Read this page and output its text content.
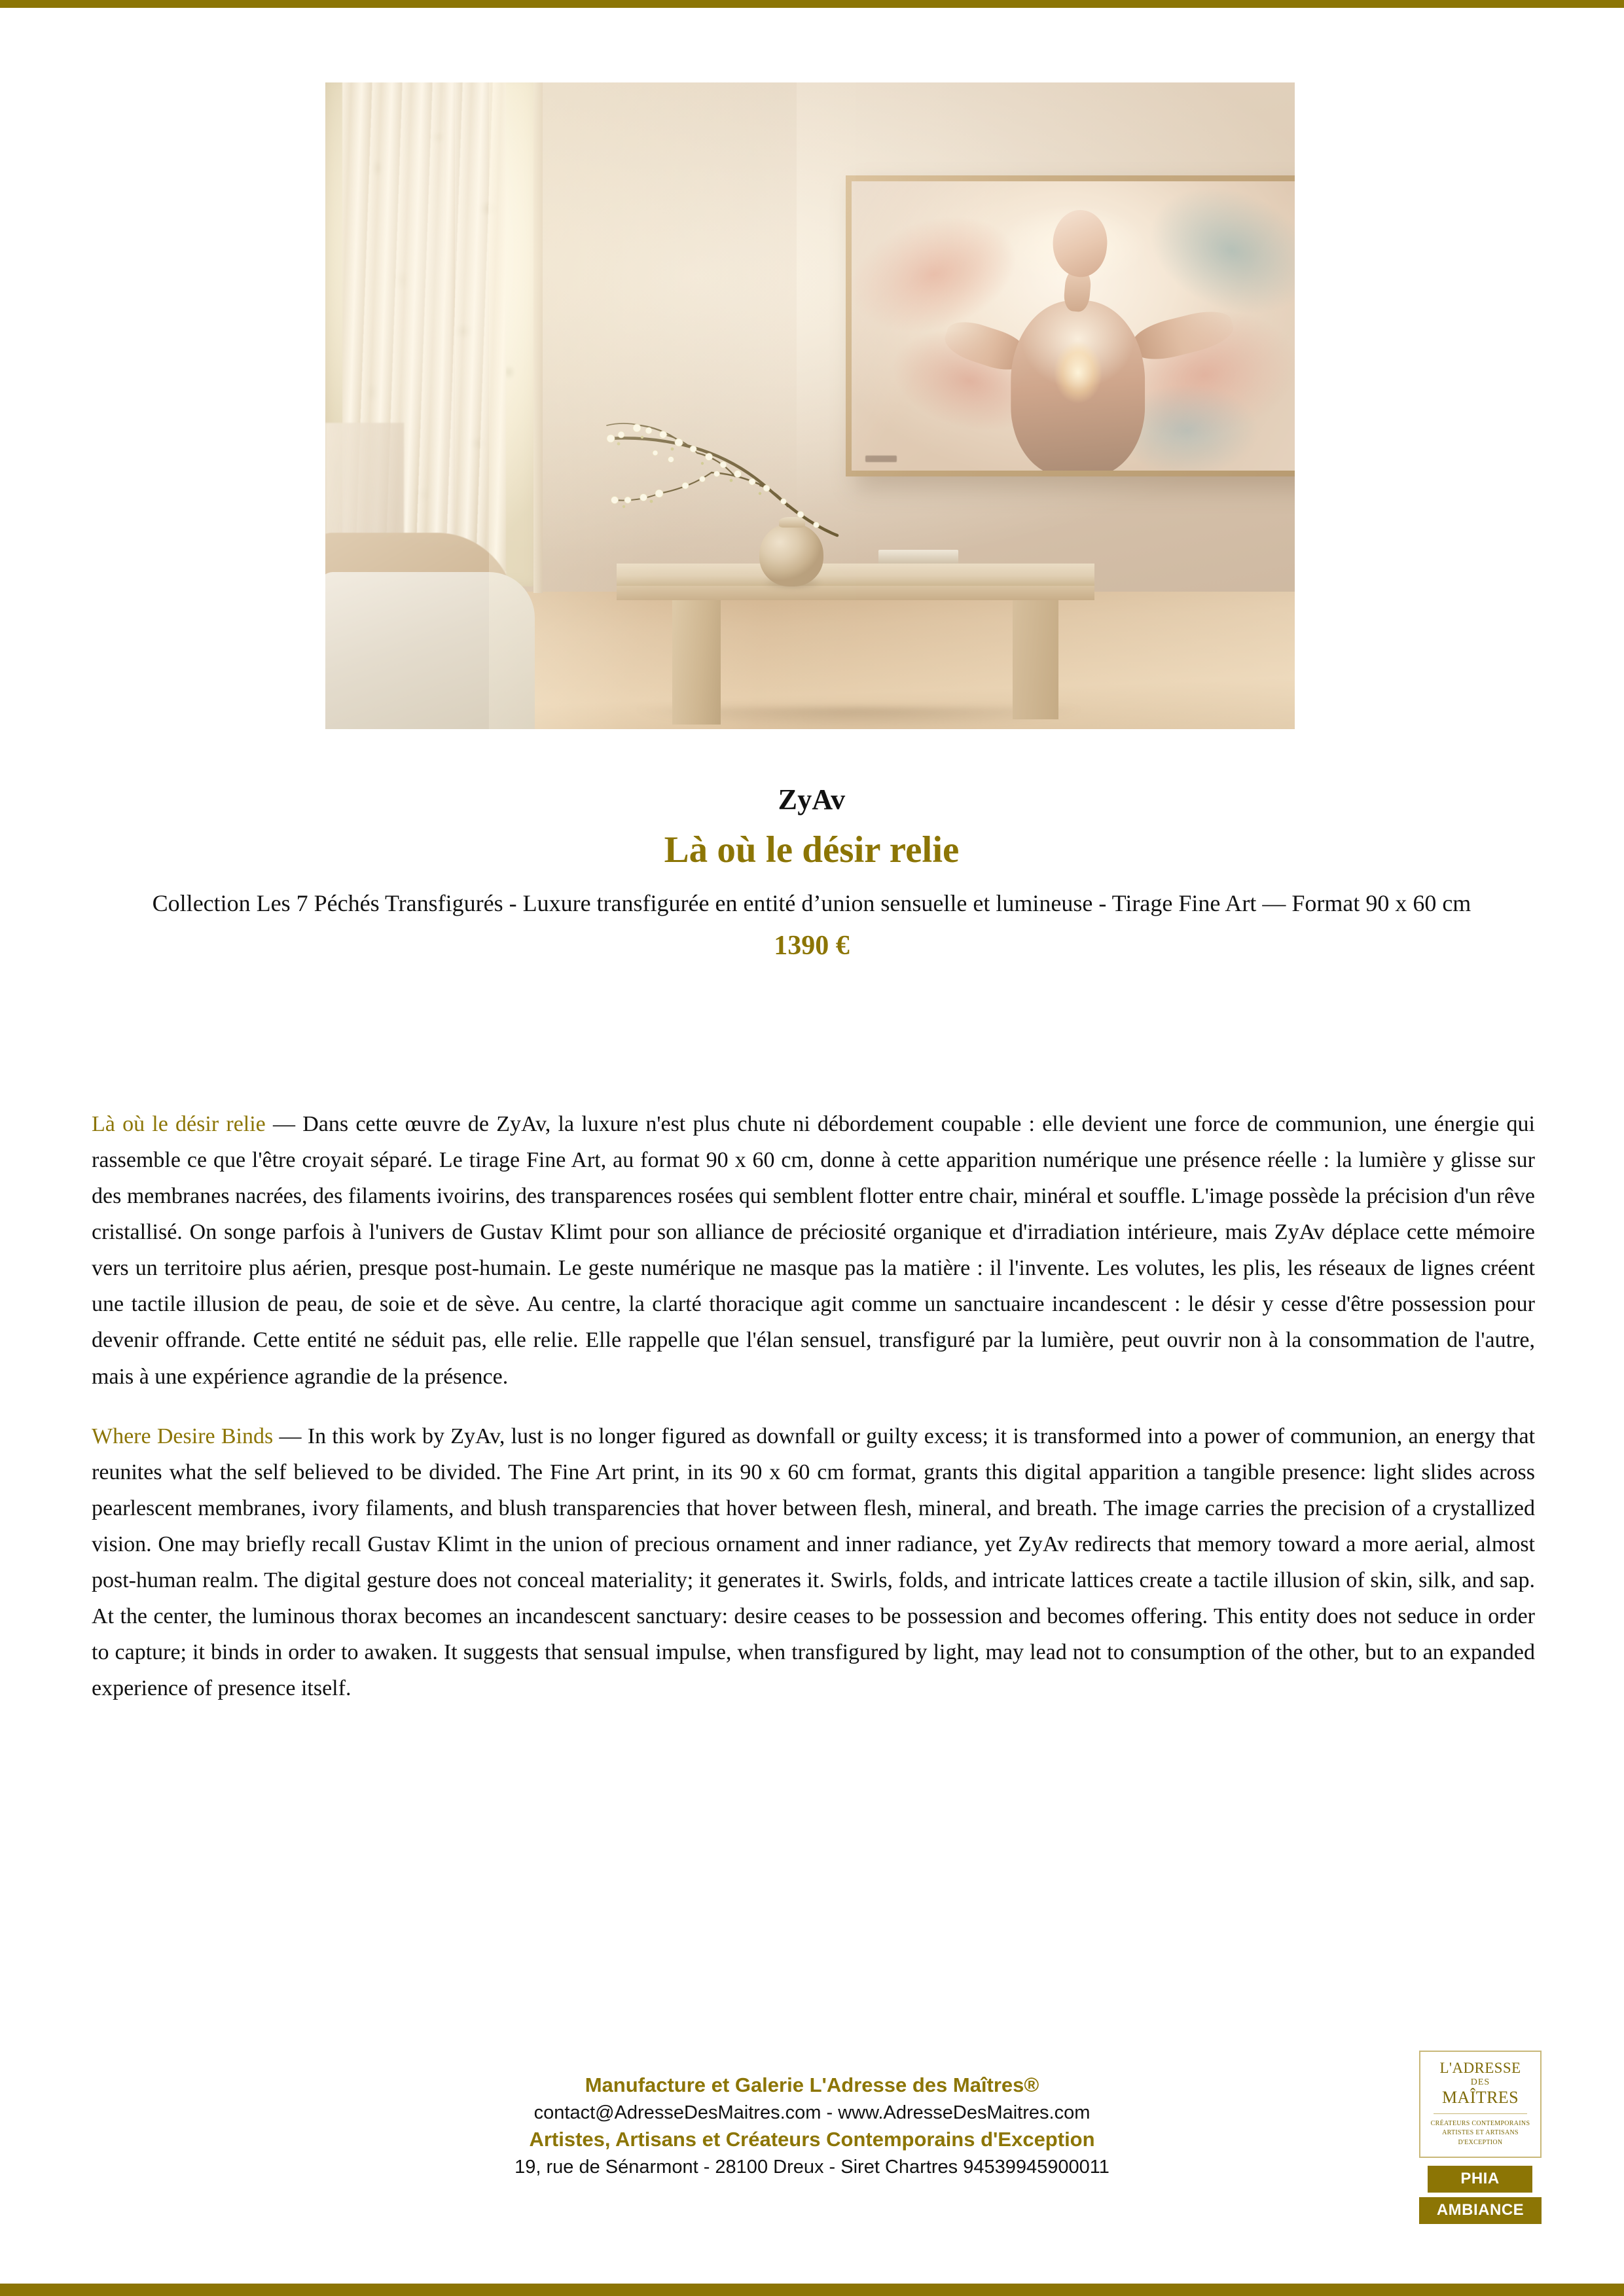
ZyAv
Là où le désir relie
Collection Les 7 Péchés Transfigurés - Luxure transfigurée en entité d’union sensuelle et lumineuse - Tirage Fine Art — Format 90 x 60 cm
1390 €

Là où le désir relie — Dans cette œuvre de ZyAv, la luxure n'est plus chute ni débordement coupable : elle devient une force de communion, une énergie qui rassemble ce que l'être croyait séparé. Le tirage Fine Art, au format 90 x 60 cm, donne à cette apparition numérique une présence réelle : la lumière y glisse sur des membranes nacrées, des filaments ivoirins, des transparences rosées qui semblent flotter entre chair, minéral et souffle. L'image possède la précision d'un rêve cristallisé. On songe parfois à l'univers de Gustav Klimt pour son alliance de préciosité organique et d'irradiation intérieure, mais ZyAv déplace cette mémoire vers un territoire plus aérien, presque post-humain. Le geste numérique ne masque pas la matière : il l'invente. Les volutes, les plis, les réseaux de lignes créent une tactile illusion de peau, de soie et de sève. Au centre, la clarté thoracique agit comme un sanctuaire incandescent : le désir y cesse d'être possession pour devenir offrande. Cette entité ne séduit pas, elle relie. Elle rappelle que l'élan sensuel, transfiguré par la lumière, peut ouvrir non à la consommation de l'autre, mais à une expérience agrandie de la présence.

Where Desire Binds — In this work by ZyAv, lust is no longer figured as downfall or guilty excess; it is transformed into a power of communion, an energy that reunites what the self believed to be divided. The Fine Art print, in its 90 x 60 cm format, grants this digital apparition a tangible presence: light slides across pearlescent membranes, ivory filaments, and blush transparencies that hover between flesh, mineral, and breath. The image carries the precision of a crystallized vision. One may briefly recall Gustav Klimt in the union of precious ornament and inner radiance, yet ZyAv redirects that memory toward a more aerial, almost post-human realm. The digital gesture does not conceal materiality; it generates it. Swirls, folds, and intricate lattices create a tactile illusion of skin, silk, and sap. At the center, the luminous thorax becomes an incandescent sanctuary: desire ceases to be possession and becomes offering. This entity does not seduce in order to capture; it binds in order to awaken. It suggests that sensual impulse, when transfigured by light, may lead not to consumption of the other, but to an expanded experience of presence itself.

Manufacture et Galerie L'Adresse des Maîtres®
contact@AdresseDesMaitres.com - www.AdresseDesMaitres.com
Artistes, Artisans et Créateurs Contemporains d'Exception
19, rue de Sénarmont - 28100 Dreux - Siret Chartres 94539945900011
L'ADRESSE
DES
MAÎTRES
CRÉATEURS CONTEMPORAINS
ARTISTES ET ARTISANS
D'EXCEPTION
PHIA
AMBIANCE
